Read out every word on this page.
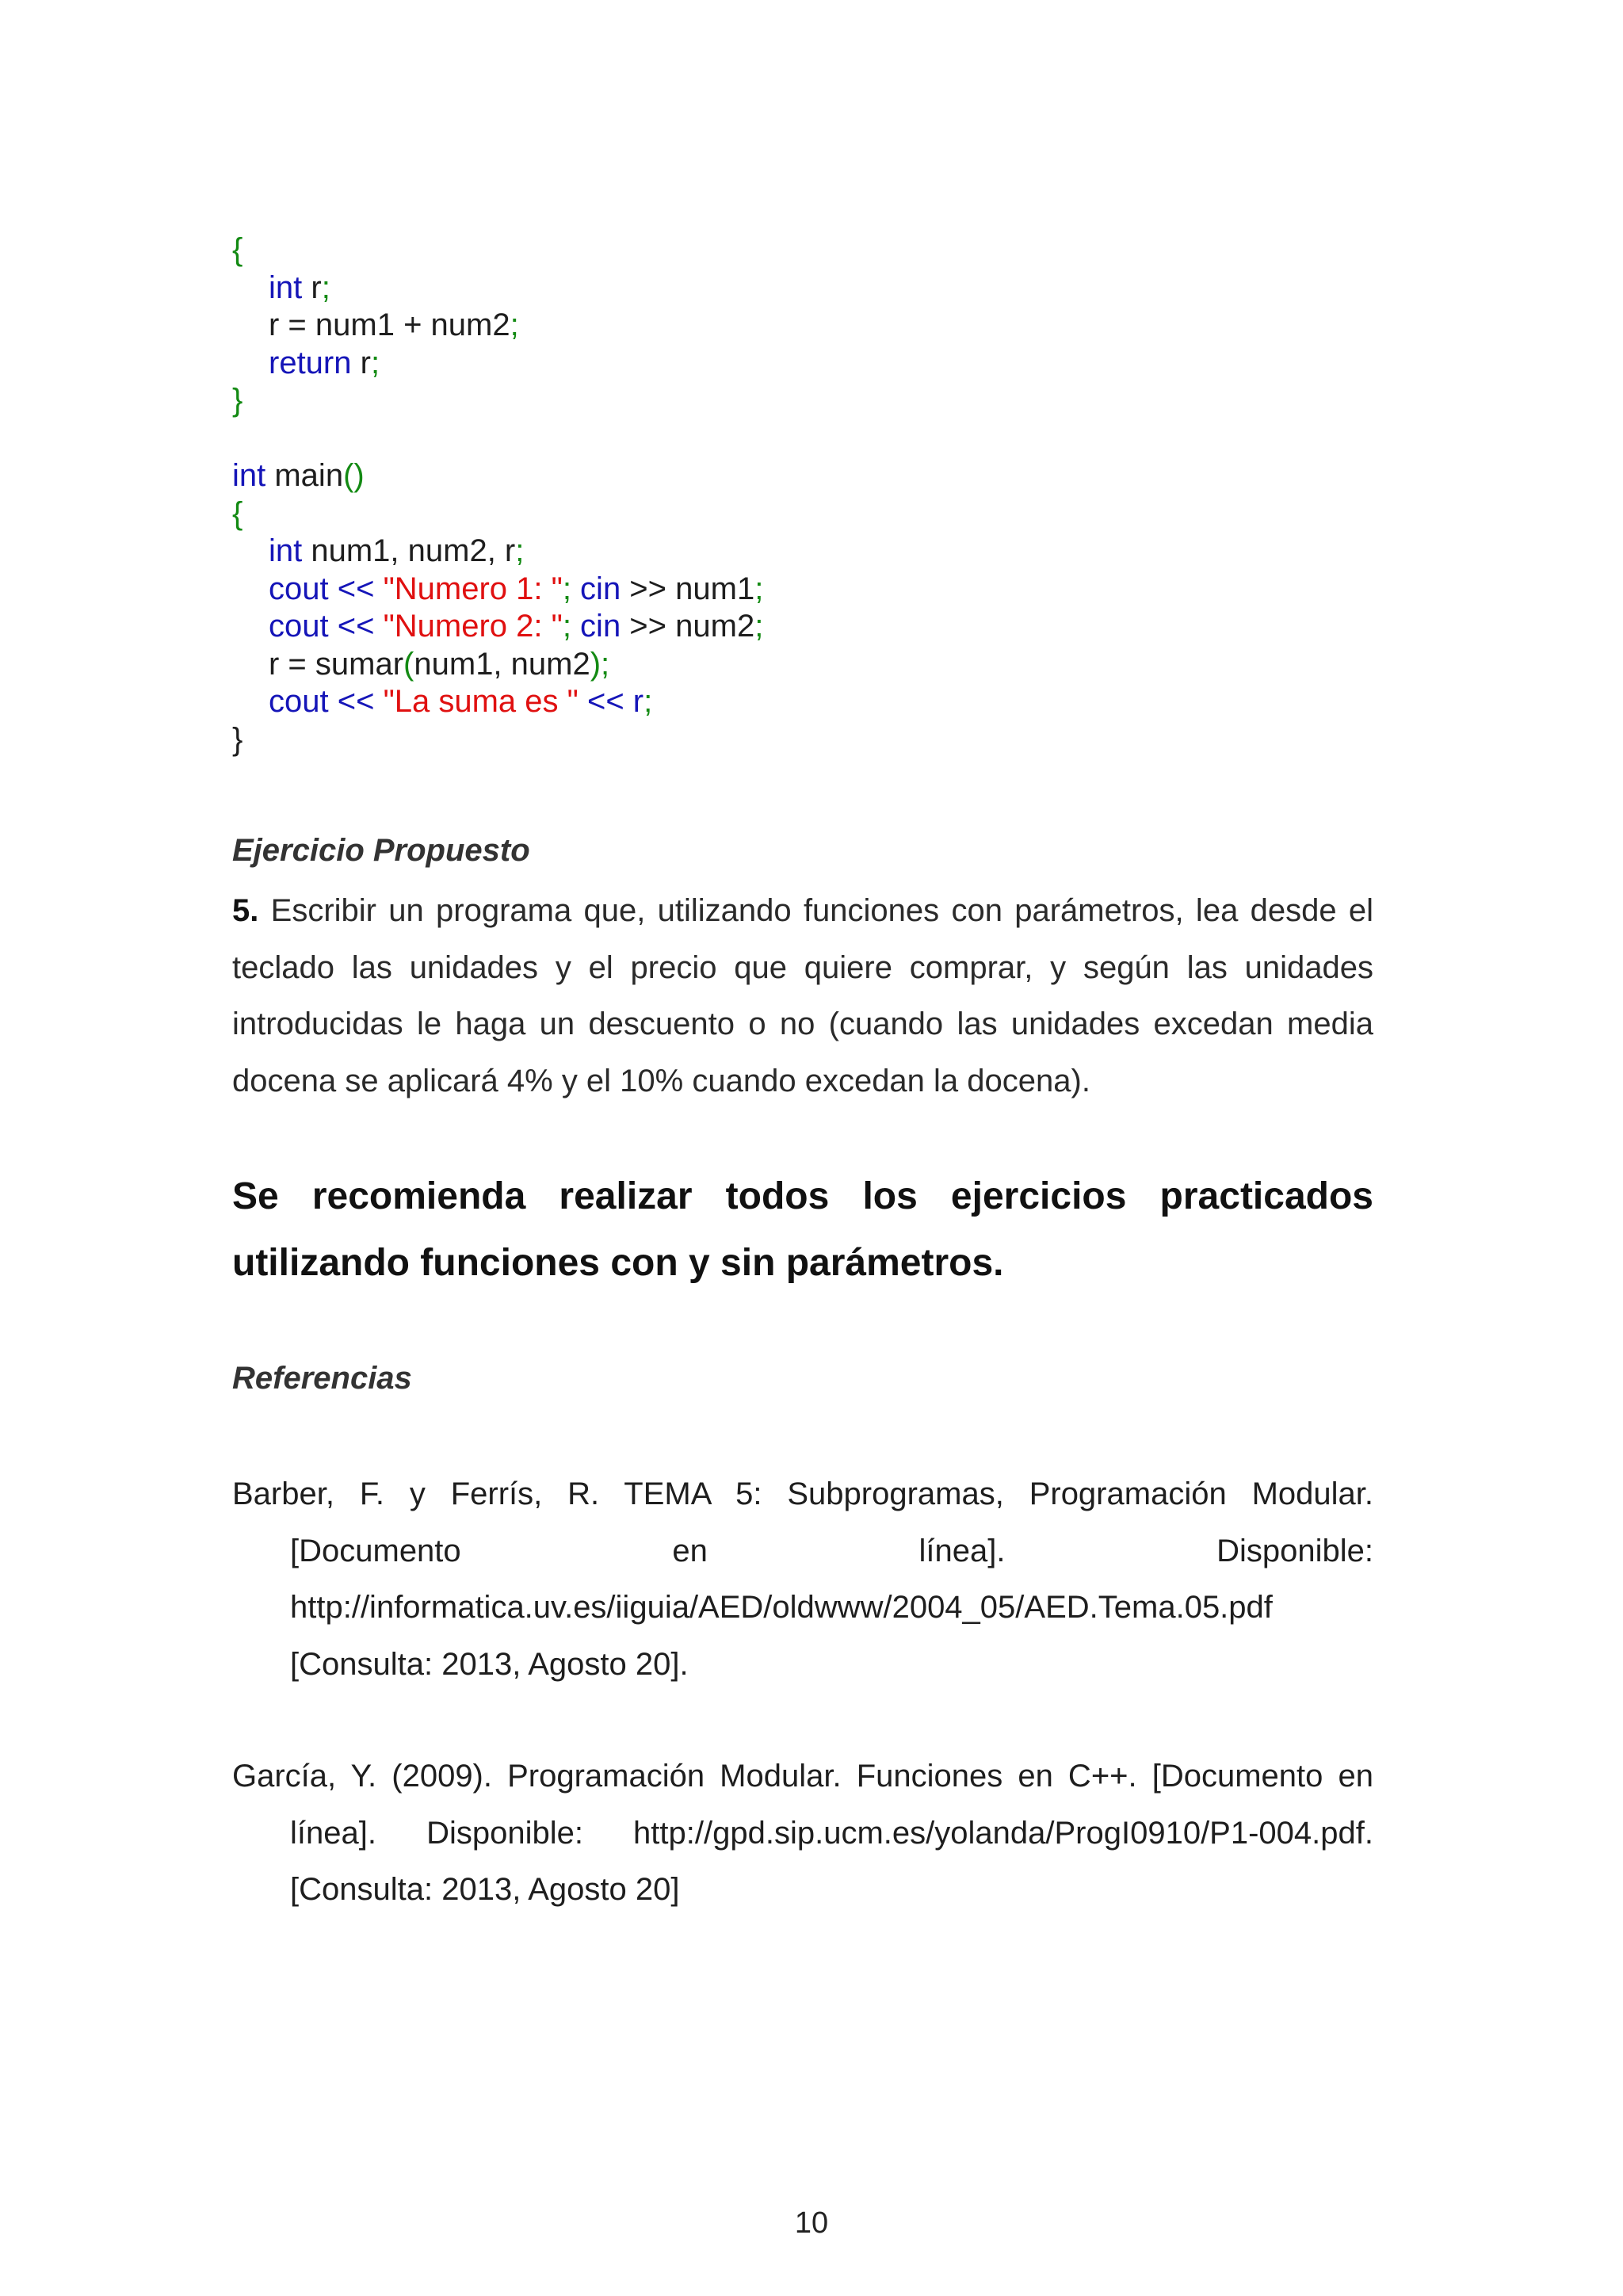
{
int r;
r = num1 + num2;
return r;
}
int main()
{
int num1, num2, r;
cout << "Numero 1: "; cin >> num1;
cout << "Numero 2: "; cin >> num2;
r = sumar(num1, num2);
cout << "La suma es " << r;
}
Ejercicio Propuesto
5. Escribir un programa que, utilizando funciones con parámetros, lea desde el teclado las unidades y el precio que quiere comprar, y según las unidades introducidas le haga un descuento o no (cuando las unidades excedan media docena se aplicará 4% y el 10% cuando excedan la docena).
Se recomienda realizar todos los ejercicios practicados utilizando funciones con y sin parámetros.
Referencias
Barber, F. y Ferrís, R. TEMA 5: Subprogramas, Programación Modular.
[Documento en línea]. Disponible:
http://informatica.uv.es/iiguia/AED/oldwww/2004_05/AED.Tema.05.pdf
[Consulta: 2013, Agosto 20].
García, Y. (2009). Programación Modular. Funciones en C++. [Documento en
línea]. Disponible: http://gpd.sip.ucm.es/yolanda/ProgI0910/P1-004.pdf.
[Consulta: 2013, Agosto 20]
10
